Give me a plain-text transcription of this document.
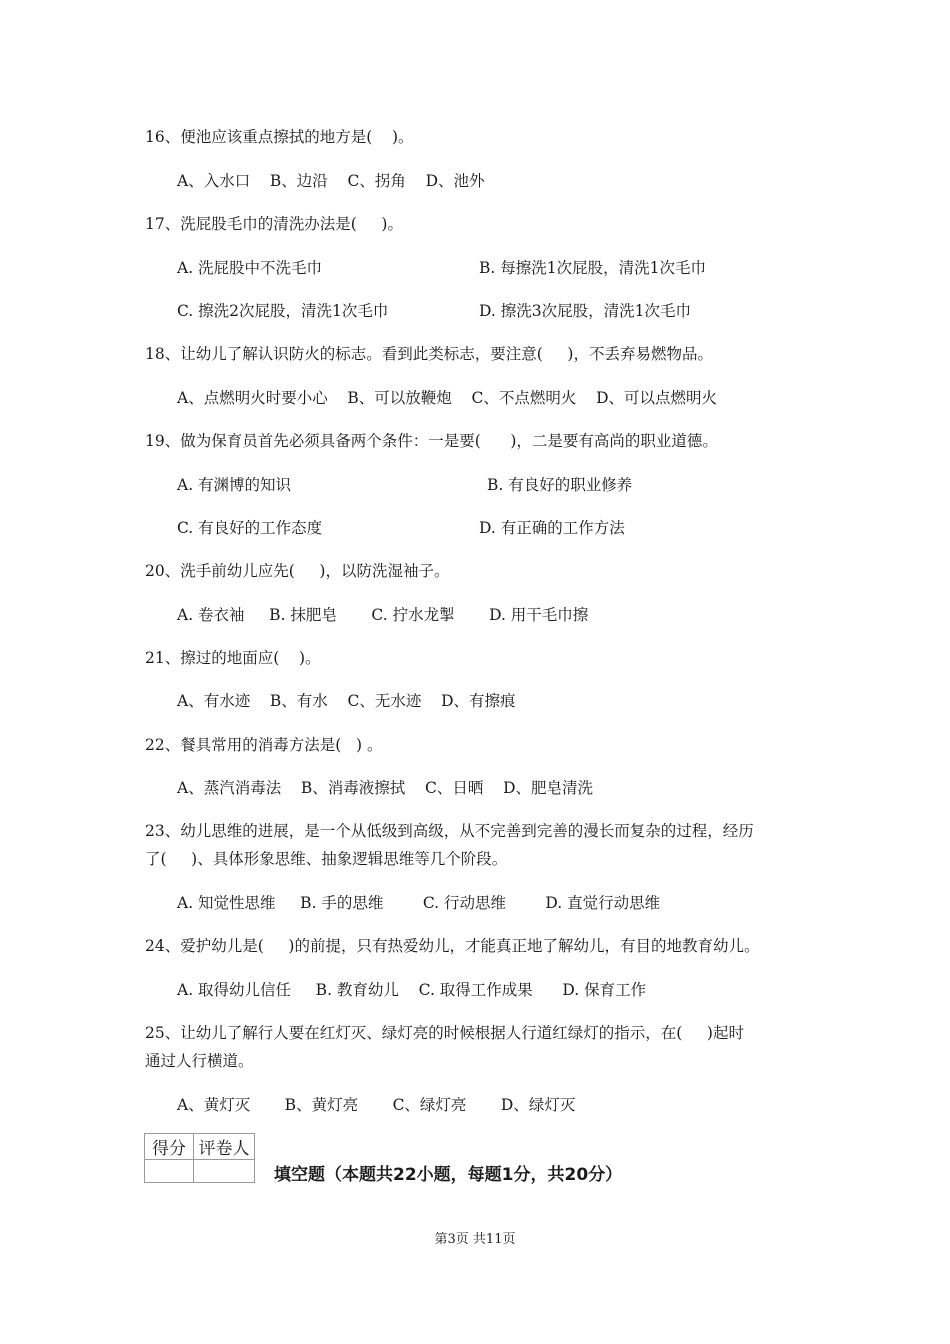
16、便池应该重点擦拭的地方是(    )。
A、入水口    B、边沿    C、拐角    D、池外
17、洗屁股毛巾的清洗办法是(     )。
A. 洗屁股中不洗毛巾	B. 每擦洗1次屁股，清洗1次毛巾
C. 擦洗2次屁股，清洗1次毛巾	D. 擦洗3次屁股，清洗1次毛巾
18、让幼儿了解认识防火的标志。看到此类标志，要注意(     )，不丢弃易燃物品。
A、点燃明火时要小心    B、可以放鞭炮    C、不点燃明火    D、可以点燃明火
19、做为保育员首先必须具备两个条件：一是要(      )，二是要有高尚的职业道德。
A. 有渊博的知识	B. 有良好的职业修养
C. 有良好的工作态度	D. 有正确的工作方法
20、洗手前幼儿应先(     )，以防洗湿袖子。
A. 卷衣袖     B. 抹肥皂       C. 拧水龙掣       D. 用干毛巾擦
21、擦过的地面应(    )。
A、有水迹    B、有水    C、无水迹    D、有擦痕
22、餐具常用的消毒方法是(   ) 。
A、蒸汽消毒法    B、消毒液擦拭    C、日晒    D、肥皂清洗
23、幼儿思维的进展，是一个从低级到高级，从不完善到完善的漫长而复杂的过程，经历
了(     )、具体形象思维、抽象逻辑思维等几个阶段。
A. 知觉性思维     B. 手的思维        C. 行动思维        D. 直觉行动思维
24、爱护幼儿是(     )的前提，只有热爱幼儿，才能真正地了解幼儿，有目的地教育幼儿。
A. 取得幼儿信任     B. 教育幼儿    C. 取得工作成果      D. 保育工作
25、让幼儿了解行人要在红灯灭、绿灯亮的时候根据人行道红绿灯的指示，在(     )起时
通过人行横道。
A、黄灯灭       B、黄灯亮       C、绿灯亮       D、绿灯灭
得分	评卷人

填空题（本题共22小题，每题1分，共20分）
第3页 共11页
